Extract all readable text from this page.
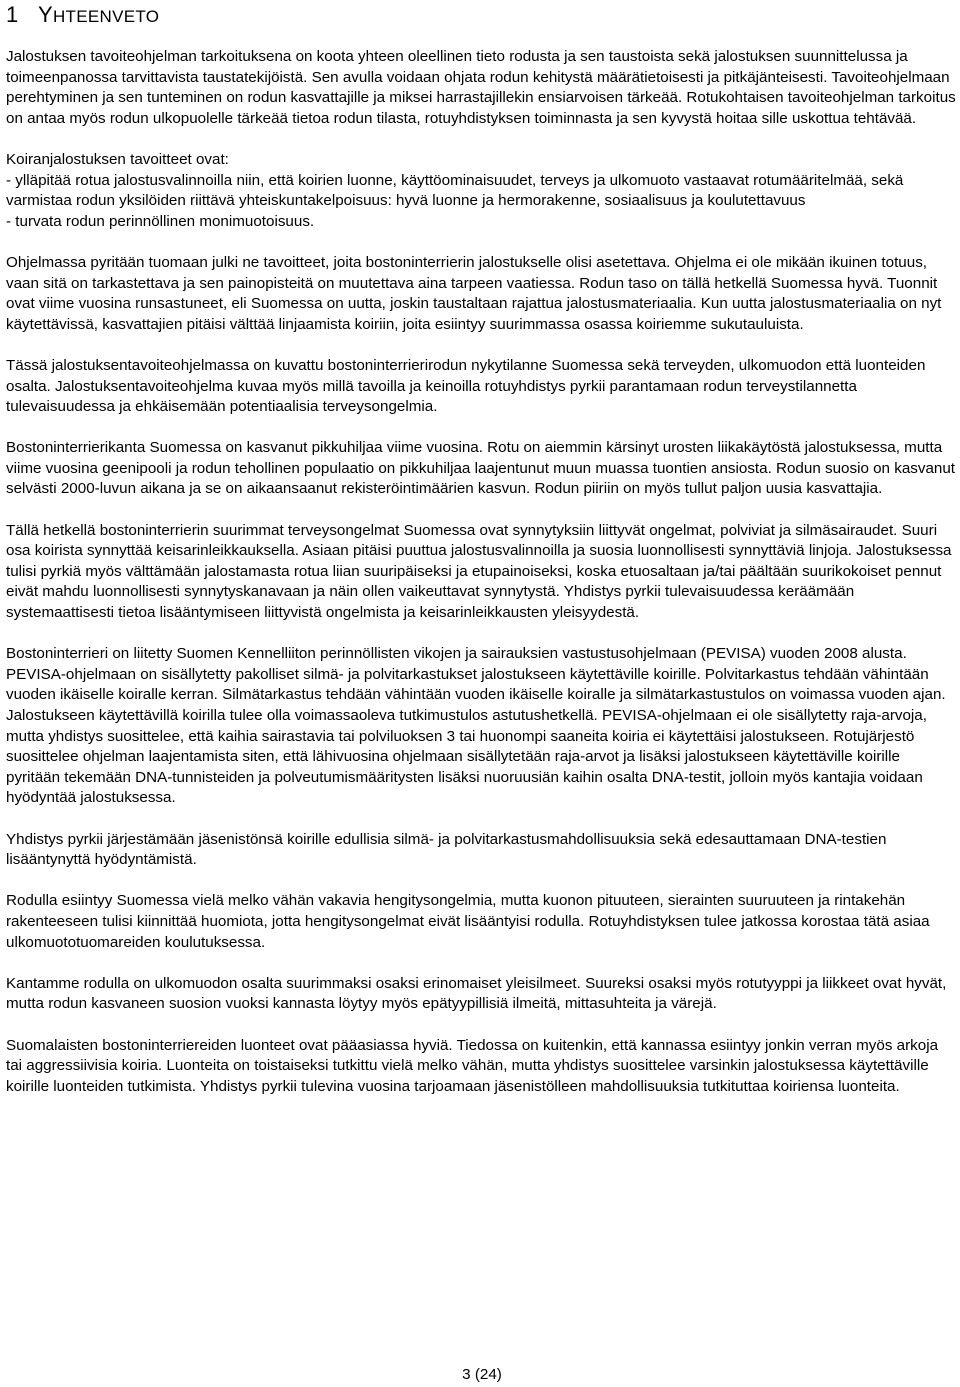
1 YHTEENVETO

Jalostuksen tavoiteohjelman tarkoituksena on koota yhteen oleellinen tieto rodusta ja sen taustoista sekä jalostuksen suunnittelussa ja toimeenpanossa tarvittavista taustatekijöistä. Sen avulla voidaan ohjata rodun kehitystä määrätietoisesti ja pitkäjänteisesti. Tavoiteohjelmaan perehtyminen ja sen tunteminen on rodun kasvattajille ja miksei harrastajillekin ensiarvoisen tärkeää. Rotukohtaisen tavoiteohjelman tarkoitus on antaa myös rodun ulkopuolelle tärkeää tietoa rodun tilasta, rotuyhdistyksen toiminnasta ja sen kyvystä hoitaa sille uskottua tehtävää.

Koiranjalostuksen tavoitteet ovat:
- ylläpitää rotua jalostusvalinnoilla niin, että koirien luonne, käyttöominaisuudet, terveys ja ulkomuoto vastaavat rotumääritelmää, sekä varmistaa rodun yksilöiden riittävä yhteiskuntakelpoisuus: hyvä luonne ja hermorakenne, sosiaalisuus ja koulutettavuus
- turvata rodun perinnöllinen monimuotoisuus.

Ohjelmassa pyritään tuomaan julki ne tavoitteet, joita bostoninterrierin jalostukselle olisi asetettava. Ohjelma ei ole mikään ikuinen totuus, vaan sitä on tarkastettava ja sen painopisteitä on muutettava aina tarpeen vaatiessa. Rodun taso on tällä hetkellä Suomessa hyvä. Tuonnit ovat viime vuosina runsastuneet, eli Suomessa on uutta, joskin taustaltaan rajattua jalostusmateriaalia. Kun uutta jalostusmateriaalia on nyt käytettävissä, kasvattajien pitäisi välttää linjaamista koiriin, joita esiintyy suurimmassa osassa koiriemme sukutauluista.

Tässä jalostuksentavoiteohjelmassa on kuvattu bostoninterrierirodun nykytilanne Suomessa sekä terveyden, ulkomuodon että luonteiden osalta. Jalostuksentavoiteohjelma kuvaa myös millä tavoilla ja keinoilla rotuyhdistys pyrkii parantamaan rodun terveystilannetta tulevaisuudessa ja ehkäisemään potentiaalisia terveysongelmia.

Bostoninterrierikanta Suomessa on kasvanut pikkuhiljaa viime vuosina. Rotu on aiemmin kärsinyt urosten liikakäytöstä jalostuksessa, mutta viime vuosina geenipooli ja rodun tehollinen populaatio on pikkuhiljaa laajentunut muun muassa tuontien ansiosta. Rodun suosio on kasvanut selvästi 2000-luvun aikana ja se on aikaansaanut rekisteröintimäärien kasvun. Rodun piiriin on myös tullut paljon uusia kasvattajia.

Tällä hetkellä bostoninterrierin suurimmat terveysongelmat Suomessa ovat synnytyksiin liittyvät ongelmat, polviviat ja silmäsairaudet. Suuri osa koirista synnyttää keisarinleikkauksella. Asiaan pitäisi puuttua jalostusvalinnoilla ja suosia luonnollisesti synnyttäviä linjoja. Jalostuksessa tulisi pyrkiä myös välttämään jalostamasta rotua liian suuripäiseksi ja etupainoiseksi, koska etuosaltaan ja/tai päältään suurikokoiset pennut eivät mahdu luonnollisesti synnytyskanavaan ja näin ollen vaikeuttavat synnytystä. Yhdistys pyrkii tulevaisuudessa keräämään systemaattisesti tietoa lisääntymiseen liittyvistä ongelmista ja keisarinleikkausten yleisyydestä.

Bostoninterrieri on liitetty Suomen Kennelliiton perinnöllisten vikojen ja sairauksien vastustusohjelmaan (PEVISA) vuoden 2008 alusta. PEVISA-ohjelmaan on sisällytetty pakolliset silmä- ja polvitarkastukset jalostukseen käytettäville koirille. Polvitarkastus tehdään vähintään vuoden ikäiselle koiralle kerran. Silmätarkastus tehdään vähintään vuoden ikäiselle koiralle ja silmätarkastustulos on voimassa vuoden ajan. Jalostukseen käytettävillä koirilla tulee olla voimassaoleva tutkimustulos astutushetkellä. PEVISA-ohjelmaan ei ole sisällytetty raja-arvoja, mutta yhdistys suosittelee, että kaihia sairastavia tai polviluoksen 3 tai huonompi saaneita koiria ei käytettäisi jalostukseen. Rotujärjestö suosittelee ohjelman laajentamista siten, että lähivuosina ohjelmaan sisällytetään raja-arvot ja lisäksi jalostukseen käytettäville koirille pyritään tekemään DNA-tunnisteiden ja polveutumismääritysten lisäksi nuoruusiän kaihin osalta DNA-testit, jolloin myös kantajia voidaan hyödyntää jalostuksessa.

Yhdistys pyrkii järjestämään jäsenistönsä koirille edullisia silmä- ja polvitarkastusmahdollisuuksia sekä edesauttamaan DNA-testien lisääntynyttä hyödyntämistä.

Rodulla esiintyy Suomessa vielä melko vähän vakavia hengitysongelmia, mutta kuonon pituuteen, sierainten suuruuteen ja rintakehän rakenteeseen tulisi kiinnittää huomiota, jotta hengitysongelmat eivät lisääntyisi rodulla. Rotuyhdistyksen tulee jatkossa korostaa tätä asiaa ulkomuototuomareiden koulutuksessa.

Kantamme rodulla on ulkomuodon osalta suurimmaksi osaksi erinomaiset yleisilmeet. Suureksi osaksi myös rotutyyppi ja liikkeet ovat hyvät, mutta rodun kasvaneen suosion vuoksi kannasta löytyy myös epätyypillisiä ilmeitä, mittasuhteita ja värejä.

Suomalaisten bostoninterriereiden luonteet ovat pääasiassa hyviä. Tiedossa on kuitenkin, että kannassa esiintyy jonkin verran myös arkoja tai aggressiivisia koiria. Luonteita on toistaiseksi tutkittu vielä melko vähän, mutta yhdistys suosittelee varsinkin jalostuksessa käytettäville koirille luonteiden tutkimista. Yhdistys pyrkii tulevina vuosina tarjoamaan jäsenistölleen mahdollisuuksia tutkituttaa koiriensa luonteita.

3 (24)
